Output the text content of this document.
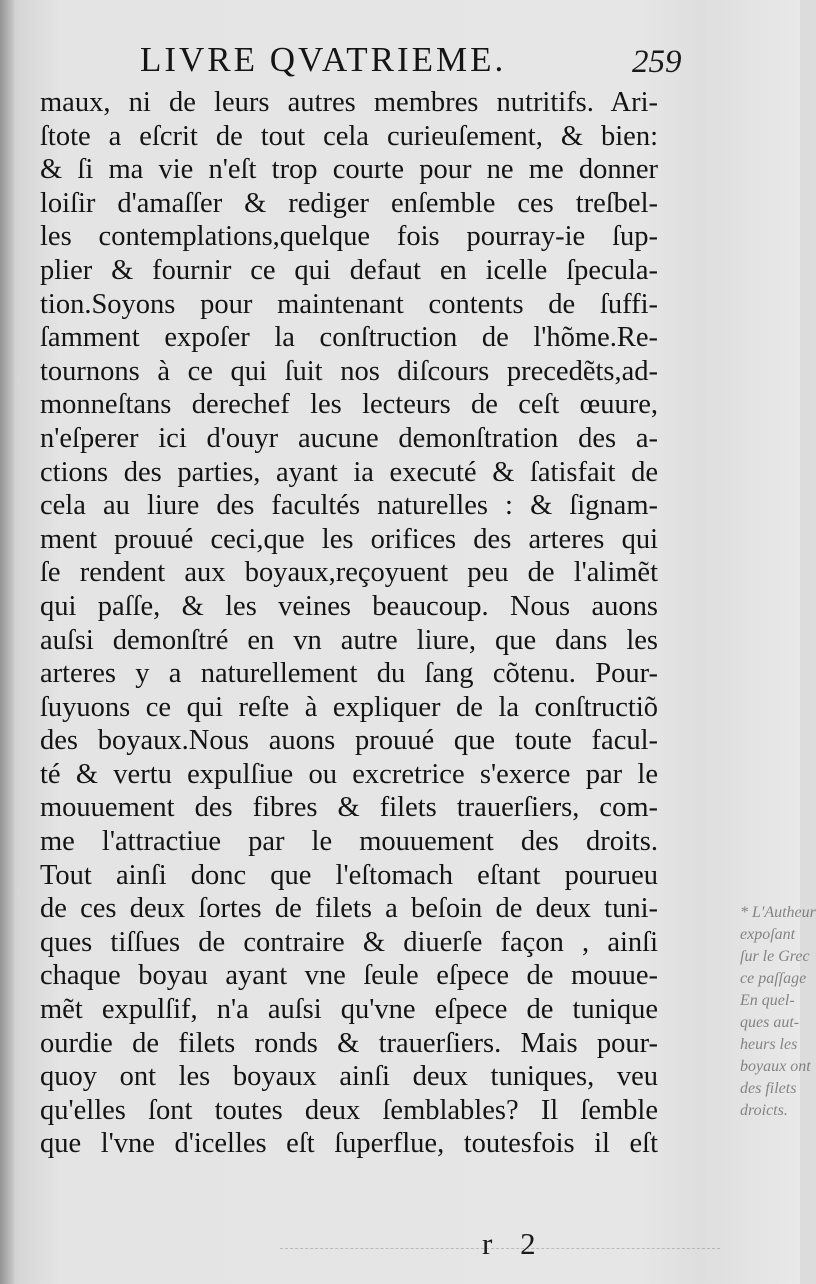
LIVRE QVATRIEME.	259
maux, ni de leurs autres membres nutritifs. Ari-
ſtote a eſcrit de tout cela curieuſement, & bien:
& ſi ma vie n'eſt trop courte pour ne me donner
loiſir d'amaſſer & rediger enſemble ces treſbel-
les contemplations,quelque fois pourray-ie ſup-
plier & fournir ce qui defaut en icelle ſpecula-
tion.Soyons pour maintenant contents de ſuffi-
ſamment expoſer la conſtruction de l'hõme.Re-
tournons à ce qui ſuit nos diſcours precedẽts,ad-
monneſtans derechef les lecteurs de ceſt œuure,
n'eſperer ici d'ouyr aucune demonſtration des a-
ctions des parties, ayant ia executé & ſatisfait de
cela au liure des facultés naturelles : & ſignam-
ment prouué ceci,que les orifices des arteres qui
ſe rendent aux boyaux,reçoyuent peu de l'alimẽt
qui paſſe, & les veines beaucoup. Nous auons
auſsi demonſtré en vn autre liure, que dans les
arteres y a naturellement du ſang cõtenu. Pour-
ſuyuons ce qui reſte à expliquer de la conſtructiõ
des boyaux.Nous auons prouué que toute facul-
té & vertu expulſiue ou excretrice s'exerce par le
mouuement des fibres & filets trauerſiers, com-
me l'attractiue par le mouuement des droits.
Tout ainſi donc que l'eſtomach eſtant pourueu
de ces deux ſortes de filets a beſoin de deux tuni-
ques tiſſues de contraire & diuerſe façon , ainſi
chaque boyau ayant vne ſeule eſpece de mouue-
mẽt expulſif, n'a auſsi qu'vne eſpece de tunique
ourdie de filets ronds & trauerſiers. Mais pour-
quoy ont les boyaux ainſi deux tuniques, veu
qu'elles ſont toutes deux ſemblables? Il ſemble
que l'vne d'icelles eſt ſuperflue, toutesfois il eſt
* L'Autheur
expoſant
ſur le Grec
ce paſſage
En quel-
ques aut-
heurs les
boyaux ont
des filets
droicts.
r 2
